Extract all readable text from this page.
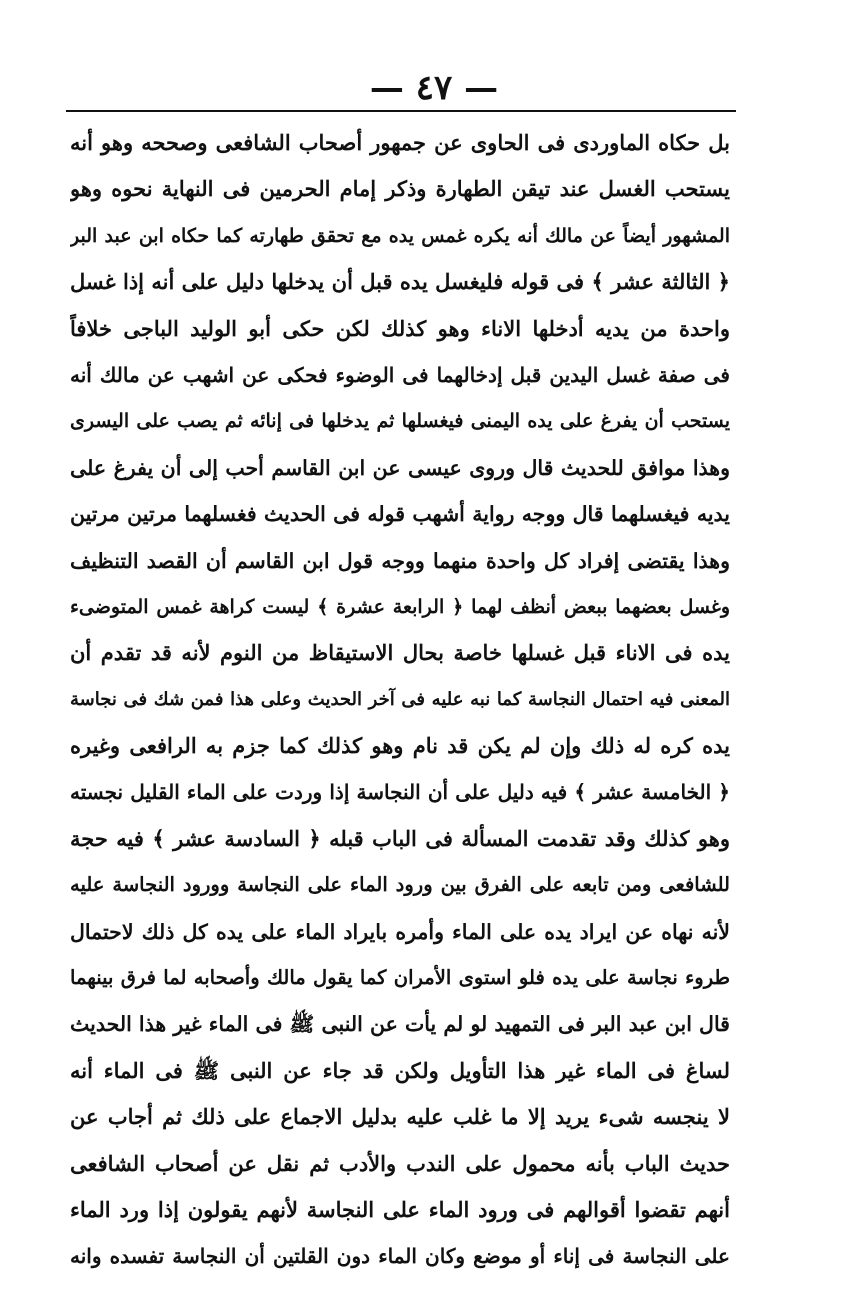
— ٤٧ —
بل حكاه الماوردى فى الحاوى عن جمهور أصحاب الشافعى وصححه وهو أنه
يستحب الغسل عند تيقن الطهارة وذكر إمام الحرمين فى النهاية نحوه وهو
المشهور أيضاً عن مالك أنه يكره غمس يده مع تحقق طهارته كما حكاه ابن عبد البر
﴿ الثالثة عشر ﴾ فى قوله فليغسل يده قبل أن يدخلها دليل على أنه إذا غسل
واحدة من يديه أدخلها الاناء وهو كذلك لكن حكى أبو الوليد الباجى خلافاً
فى صفة غسل اليدين قبل إدخالهما فى الوضوء فحكى عن اشهب عن مالك أنه
يستحب أن يفرغ على يده اليمنى فيغسلها ثم يدخلها فى إنائه ثم يصب على اليسرى
وهذا موافق للحديث قال وروى عيسى عن ابن القاسم أحب إلى أن يفرغ على
يديه فيغسلهما قال ووجه رواية أشهب قوله فى الحديث فغسلهما مرتين مرتين
وهذا يقتضى إفراد كل واحدة منهما ووجه قول ابن القاسم أن القصد التنظيف
وغسل بعضهما ببعض أنظف لهما ﴿ الرابعة عشرة ﴾ ليست كراهة غمس المتوضىء
يده فى الاناء قبل غسلها خاصة بحال الاستيقاظ من النوم لأنه قد تقدم أن
المعنى فيه احتمال النجاسة كما نبه عليه فى آخر الحديث وعلى هذا فمن شك فى نجاسة
يده كره له ذلك وإن لم يكن قد نام وهو كذلك كما جزم به الرافعى وغيره
﴿ الخامسة عشر ﴾ فيه دليل على أن النجاسة إذا وردت على الماء القليل نجسته
وهو كذلك وقد تقدمت المسألة فى الباب قبله ﴿ السادسة عشر ﴾ فيه حجة
للشافعى ومن تابعه على الفرق بين ورود الماء على النجاسة وورود النجاسة عليه
لأنه نهاه عن ايراد يده على الماء وأمره بايراد الماء على يده كل ذلك لاحتمال
طروء نجاسة على يده فلو استوى الأمران كما يقول مالك وأصحابه لما فرق بينهما
قال ابن عبد البر فى التمهيد لو لم يأت عن النبى ﷺ فى الماء غير هذا الحديث
لساغ فى الماء غير هذا التأويل ولكن قد جاء عن النبى ﷺ فى الماء أنه
لا ينجسه شىء يريد إلا ما غلب عليه بدليل الاجماع على ذلك ثم أجاب عن
حديث الباب بأنه محمول على الندب والأدب ثم نقل عن أصحاب الشافعى
أنهم تقضوا أقوالهم فى ورود الماء على النجاسة لأنهم يقولون إذا ورد الماء
على النجاسة فى إناء أو موضع وكان الماء دون القلتين أن النجاسة تفسده وانه
